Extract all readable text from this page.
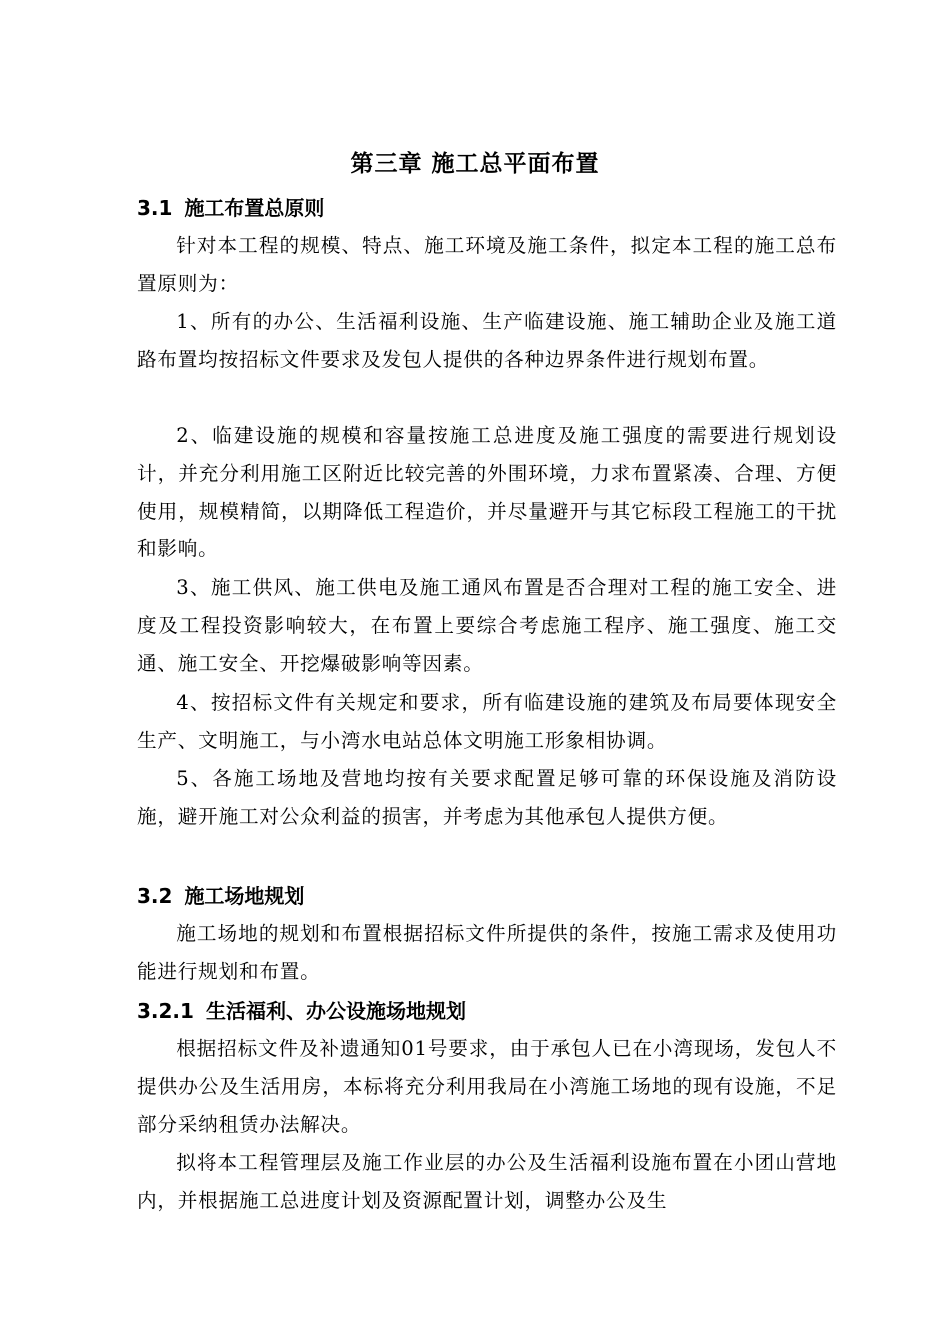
第三章 施工总平面布置
3.1 施工布置总原则

针对本工程的规模、特点、施工环境及施工条件，拟定本工程的施工总布置原则为：

1、所有的办公、生活福利设施、生产临建设施、施工辅助企业及施工道路布置均按招标文件要求及发包人提供的各种边界条件进行规划布置。

2、临建设施的规模和容量按施工总进度及施工强度的需要进行规划设计，并充分利用施工区附近比较完善的外围环境，力求布置紧凑、合理、方便使用，规模精简，以期降低工程造价，并尽量避开与其它标段工程施工的干扰和影响。

3、施工供风、施工供电及施工通风布置是否合理对工程的施工安全、进度及工程投资影响较大，在布置上要综合考虑施工程序、施工强度、施工交通、施工安全、开挖爆破影响等因素。

4、按招标文件有关规定和要求，所有临建设施的建筑及布局要体现安全生产、文明施工，与小湾水电站总体文明施工形象相协调。

5、各施工场地及营地均按有关要求配置足够可靠的环保设施及消防设施，避开施工对公众利益的损害，并考虑为其他承包人提供方便。

3.2 施工场地规划

施工场地的规划和布置根据招标文件所提供的条件，按施工需求及使用功能进行规划和布置。

3.2.1 生活福利、办公设施场地规划

根据招标文件及补遗通知01号要求，由于承包人已在小湾现场，发包人不提供办公及生活用房，本标将充分利用我局在小湾施工场地的现有设施，不足部分采纳租赁办法解决。

拟将本工程管理层及施工作业层的办公及生活福利设施布置在小团山营地内，并根据施工总进度计划及资源配置计划，调整办公及生
